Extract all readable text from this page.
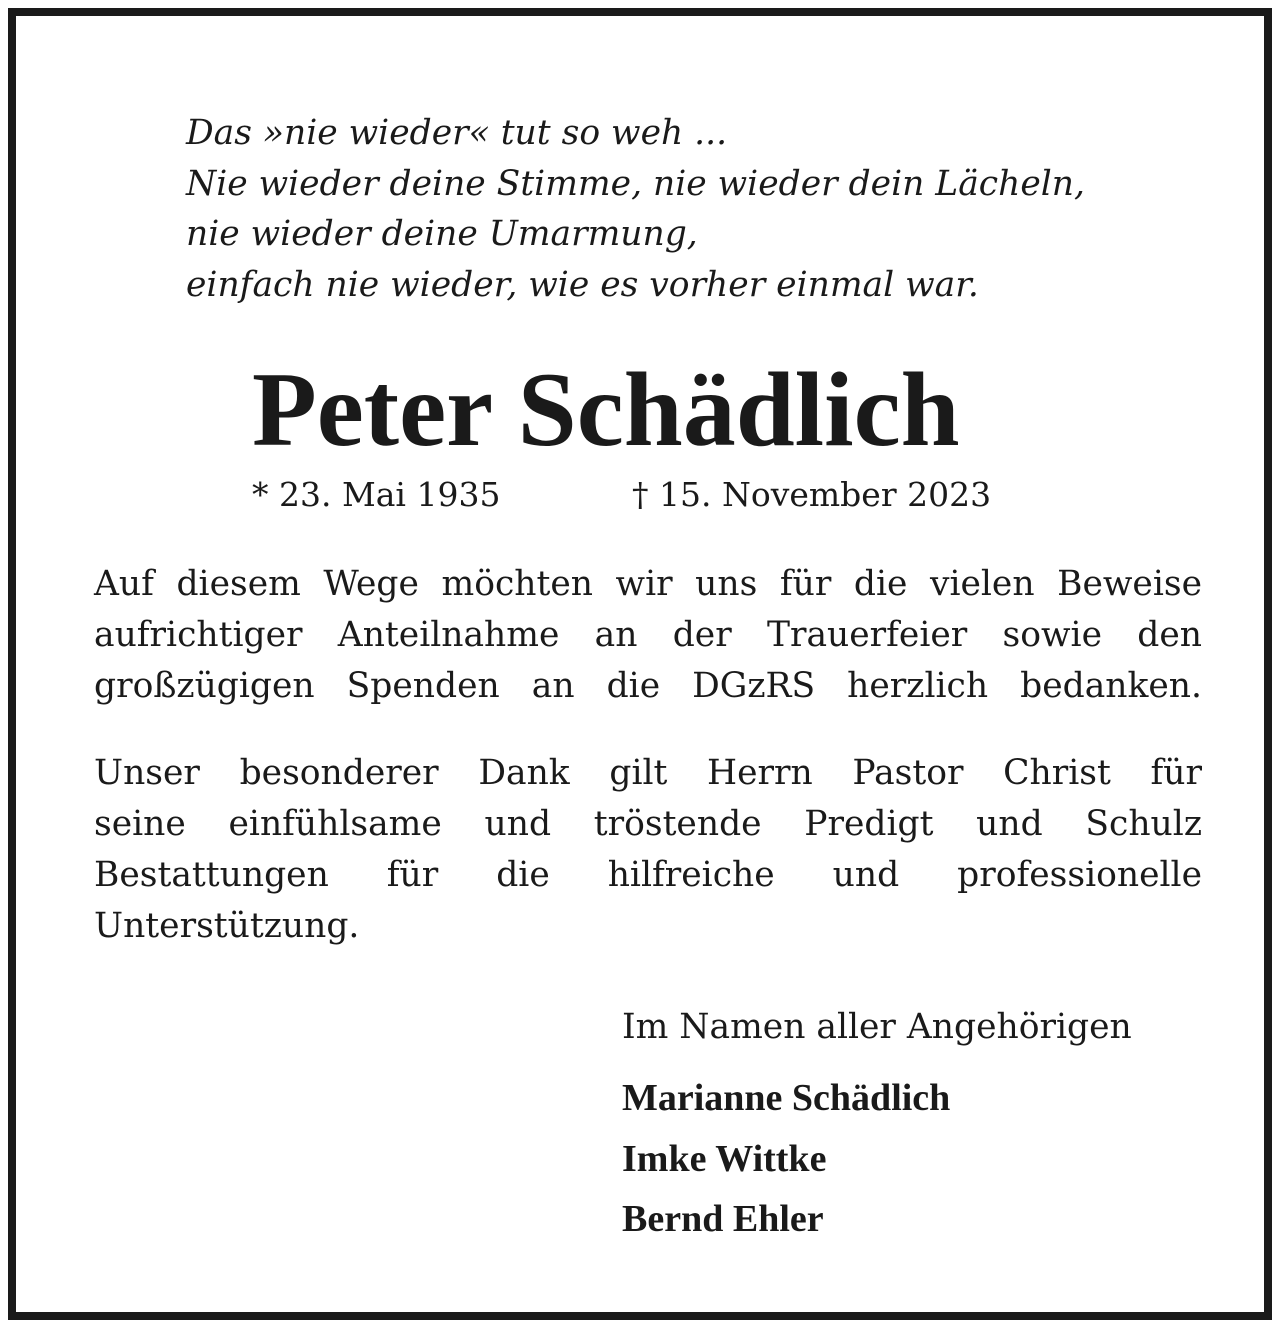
Das »nie wieder« tut so weh ...
Nie wieder deine Stimme, nie wieder dein Lächeln,
nie wieder deine Umarmung,
einfach nie wieder, wie es vorher einmal war.
Peter Schädlich
* 23. Mai 1935	† 15. November 2023
Auf diesem Wege möchten wir uns für die vielen Beweise
aufrichtiger Anteilnahme an der Trauerfeier sowie den
großzügigen Spenden an die DGzRS herzlich bedanken.
Unser besonderer Dank gilt Herrn Pastor Christ für
seine einfühlsame und tröstende Predigt und Schulz
Bestattungen für die hilfreiche und professionelle
Unterstützung.
Im Namen aller Angehörigen
Marianne Schädlich
Imke Wittke
Bernd Ehler
